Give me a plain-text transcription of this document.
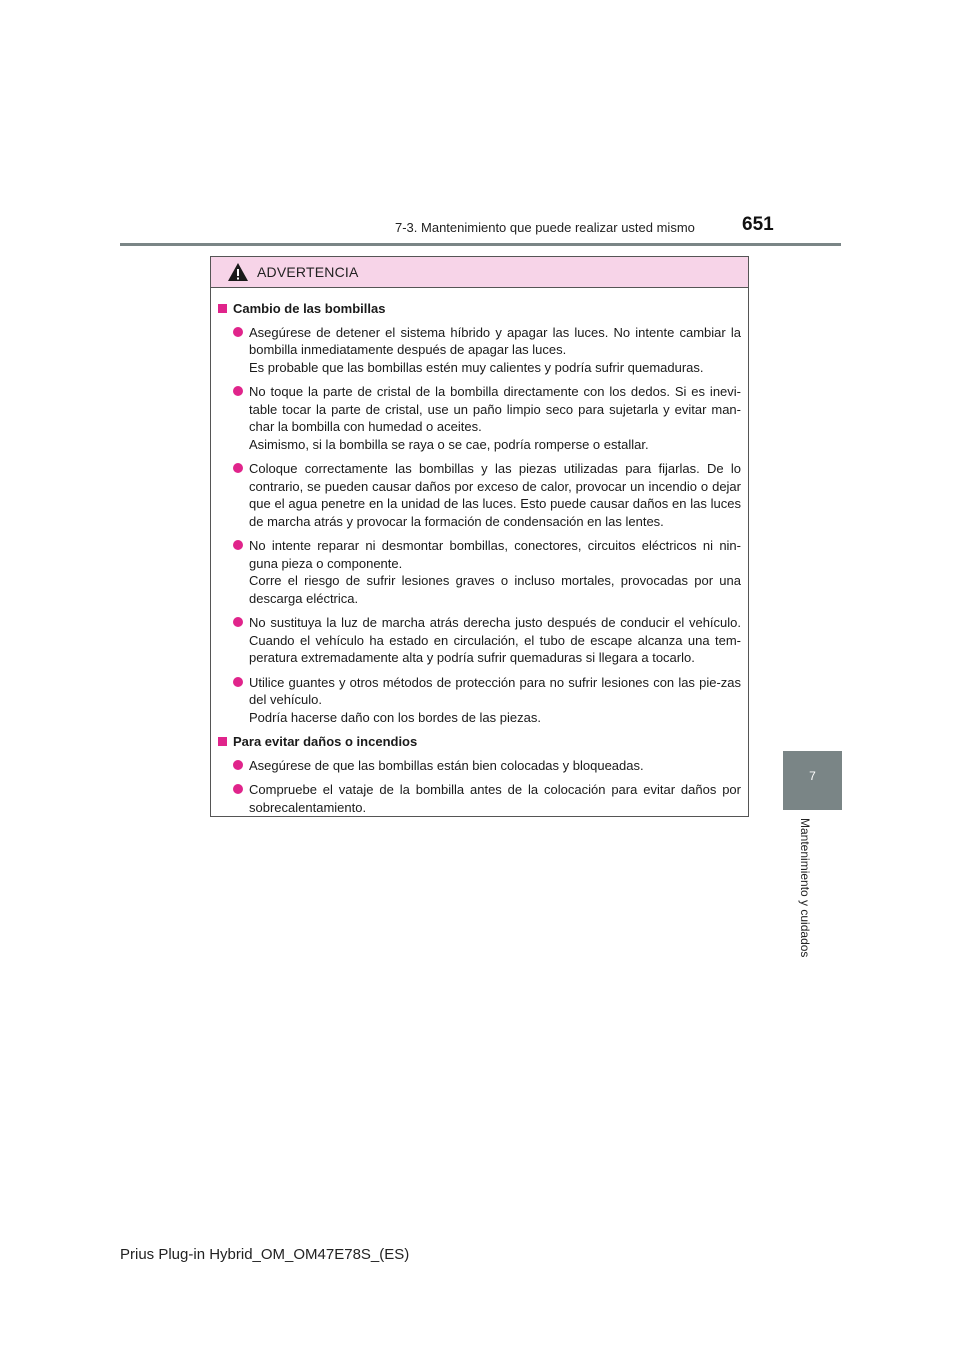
7-3. Mantenimiento que puede realizar usted mismo 651
7
Mantenimiento y cuidados
ADVERTENCIA
Cambio de las bombillas
Asegúrese de detener el sistema híbrido y apagar las luces. No intente cambiar la bombilla inmediatamente después de apagar las luces.
Es probable que las bombillas estén muy calientes y podría sufrir quemaduras.
No toque la parte de cristal de la bombilla directamente con los dedos. Si es inevi-table tocar la parte de cristal, use un paño limpio seco para sujetarla y evitar man-char la bombilla con humedad o aceites.
Asimismo, si la bombilla se raya o se cae, podría romperse o estallar.
Coloque correctamente las bombillas y las piezas utilizadas para fijarlas. De lo contrario, se pueden causar daños por exceso de calor, provocar un incendio o dejar que el agua penetre en la unidad de las luces. Esto puede causar daños en las luces de marcha atrás y provocar la formación de condensación en las lentes.
No intente reparar ni desmontar bombillas, conectores, circuitos eléctricos ni nin-guna pieza o componente.
Corre el riesgo de sufrir lesiones graves o incluso mortales, provocadas por una descarga eléctrica.
No sustituya la luz de marcha atrás derecha justo después de conducir el vehículo. Cuando el vehículo ha estado en circulación, el tubo de escape alcanza una tem-peratura extremadamente alta y podría sufrir quemaduras si llegara a tocarlo.
Utilice guantes y otros métodos de protección para no sufrir lesiones con las pie-zas del vehículo.
Podría hacerse daño con los bordes de las piezas.
Para evitar daños o incendios
Asegúrese de que las bombillas están bien colocadas y bloqueadas.
Compruebe el vataje de la bombilla antes de la colocación para evitar daños por sobrecalentamiento.
Prius Plug-in Hybrid_OM_OM47E78S_(ES)
